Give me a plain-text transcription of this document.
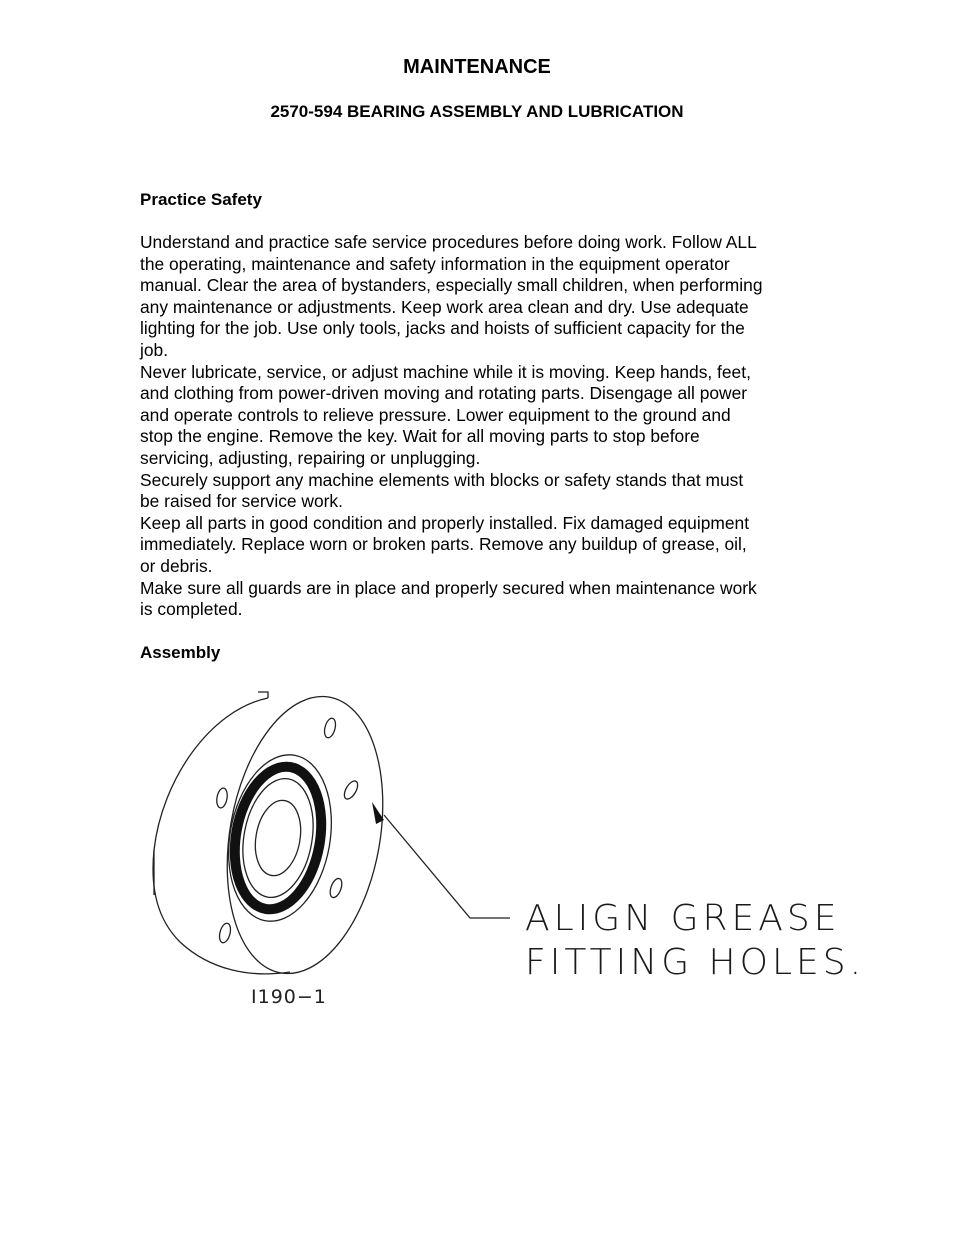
MAINTENANCE
2570-594 BEARING ASSEMBLY AND LUBRICATION
Practice Safety

Understand and practice safe service procedures before doing work. Follow ALL

the operating, maintenance and safety information in the equipment operator

manual. Clear the area of bystanders, especially small children, when performing

any maintenance or adjustments. Keep work area clean and dry. Use adequate

lighting for the job. Use only tools, jacks and hoists of sufficient capacity for the

job.

Never lubricate, service, or adjust machine while it is moving. Keep hands, feet,

and clothing from power-driven moving and rotating parts. Disengage all power

and operate controls to relieve pressure. Lower equipment to the ground and

stop the engine. Remove the key. Wait for all moving parts to stop before

servicing, adjusting, repairing or unplugging.

Securely support any machine elements with blocks or safety stands that must

be raised for service work.

Keep all parts in good condition and properly installed. Fix damaged equipment

immediately. Replace worn or broken parts. Remove any buildup of grease, oil,

or debris.

Make sure all guards are in place and properly secured when maintenance work

is completed.

Assembly
ALIGN GREASE
FITTING HOLES.
I190−1
